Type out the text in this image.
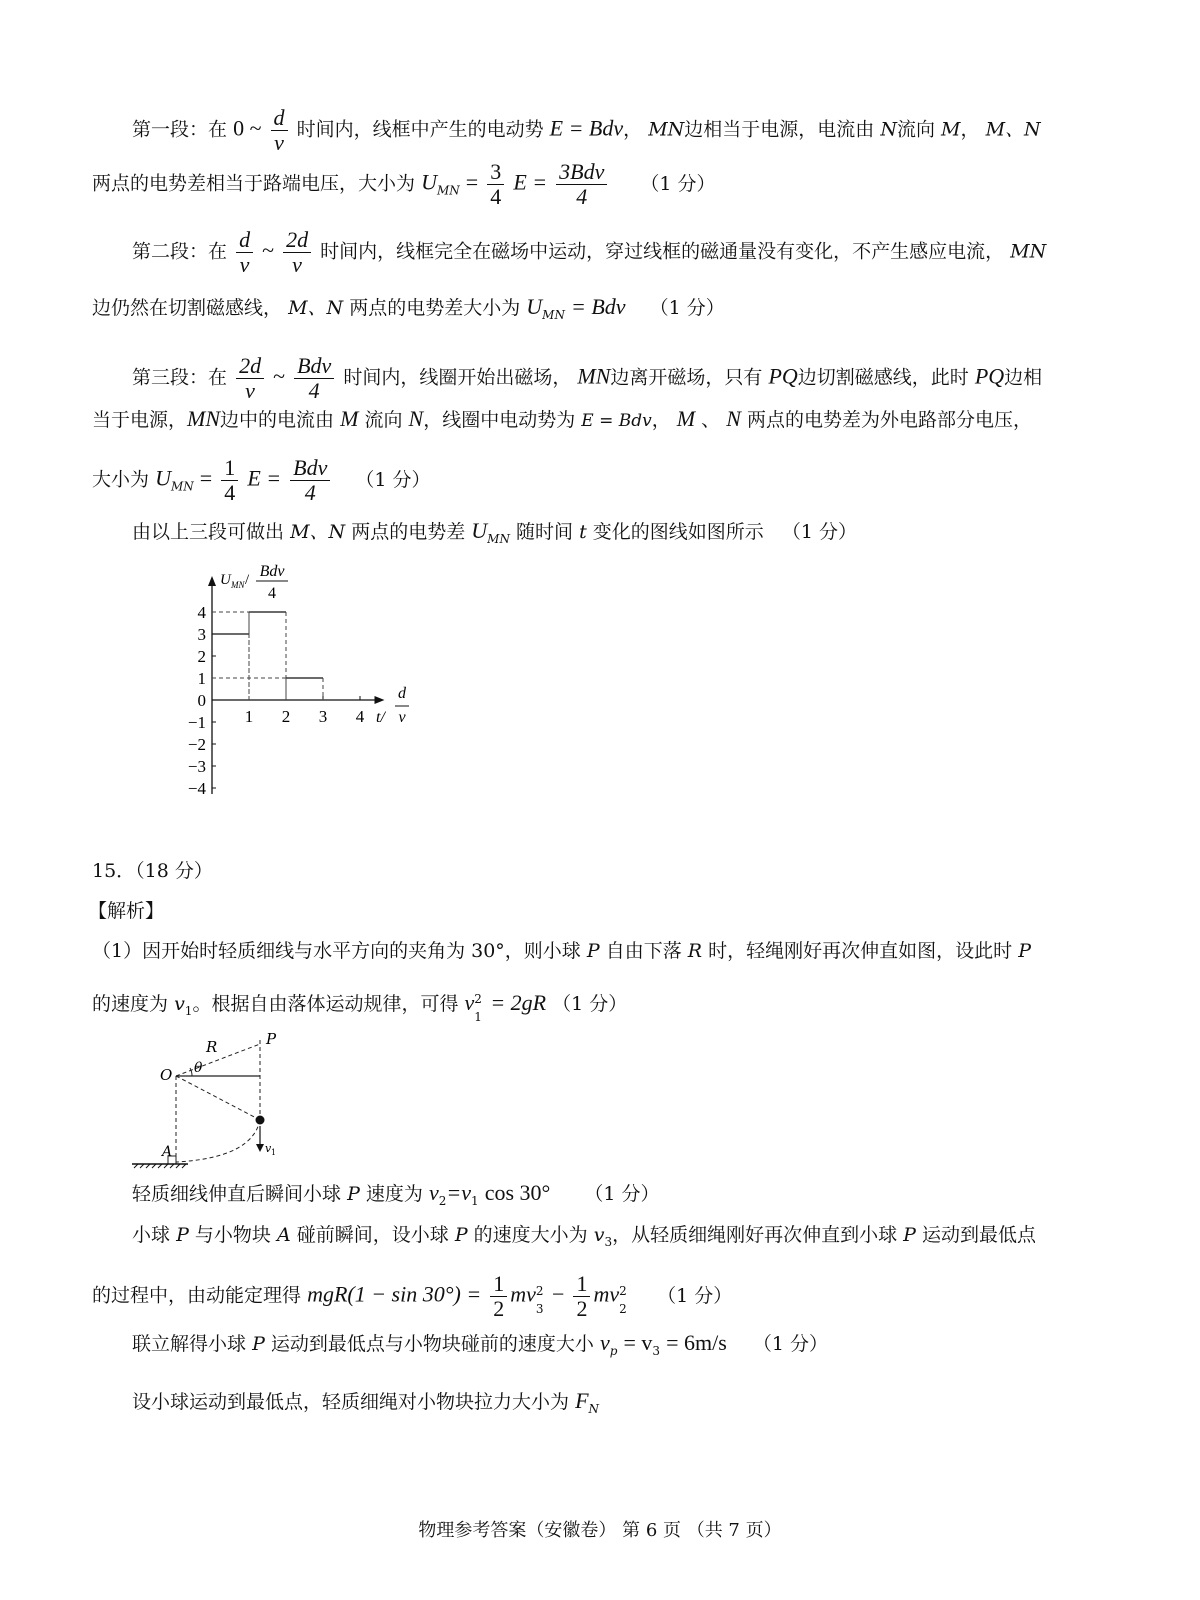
第一段：在 0 ~ $\frac{d}{v}$ 时间内，线框中产生的电动势 E = Bdv， MN边相当于电源，电流由 N流向 M， M、N
两点的电势差相当于路端电压，大小为 $U_{MN} = \frac{3}{4}$ $E = \frac{\text{3Bdv}}{4} (1$ 分）
第二段：在 $\frac{d}{v}$ ~ $\frac{2d}{v}$ 时间内，线框完全在磁场中运动，穿过线框的磁通量没有变化，不产生感应电流， MN
边仍然在切割磁感线， M、N 两点的电势差大小为 $U_{MN}$ = Bdv （1 分）
第三段：在 $\frac{2d}{v}$ ~ $\frac{\text{Bdv}}{4}$ 时间内，线圈开始出磁场， MN边离开磁场，只有 PQ边切割磁感线，此时 PQ边相
当于电源，MN边中的电流由 M 流向 N，线圈中电动势为 E = Bdv， M 、 N 两点的电势差为外电路部分电压，
大小为 $U_{MN} = \frac{1}{4}$ $E = \frac{\text{Bdv}}{4} (1$ 分）
由以上三段可做出 M、N 两点的电势差 $U_{MN}$ 随时间 t 变化的图线如图所示 （1 分）
4
3
2
1
0
−1
−2
−3
−4
1 2 3 4
U MN / Bdv
4
t/
d
v
15．（18 分）
【解析】
（1）因开始时轻质细线与水平方向的夹角为 30°，则小球 P 自由下落 R 时，轻绳刚好再次伸直如图，设此时 P
的速度为 $v_1$。根据自由落体运动规律，可得 v 2
1
= 2gR （1 分）
R	P
θ
O
A	v 1
轻质细线伸直后瞬间小球 P 速度为 $v_2=v_1$ cos 30° （1 分）
小球 P 与小物块 A 碰前瞬间，设小球 P 的速度大小为 $v_3$，从轻质细绳刚好再次伸直到小球 P 运动到最低点
的过程中，由动能定理得 $mgR(1 - \sin 30^\circ) = \frac{1}{2}$ mv 2
3
− $\frac{1}{2}$ mv 2
2
（1 分）
联立解得小球 P 运动到最低点与小物块碰前的速度大小 $v_p = v_3 = 6m/s$ （1 分）
设小球运动到最低点，轻质细绳对小物块拉力大小为 $F_N$
物理参考答案（安徽卷） 第 6 页 （共 7 页）
